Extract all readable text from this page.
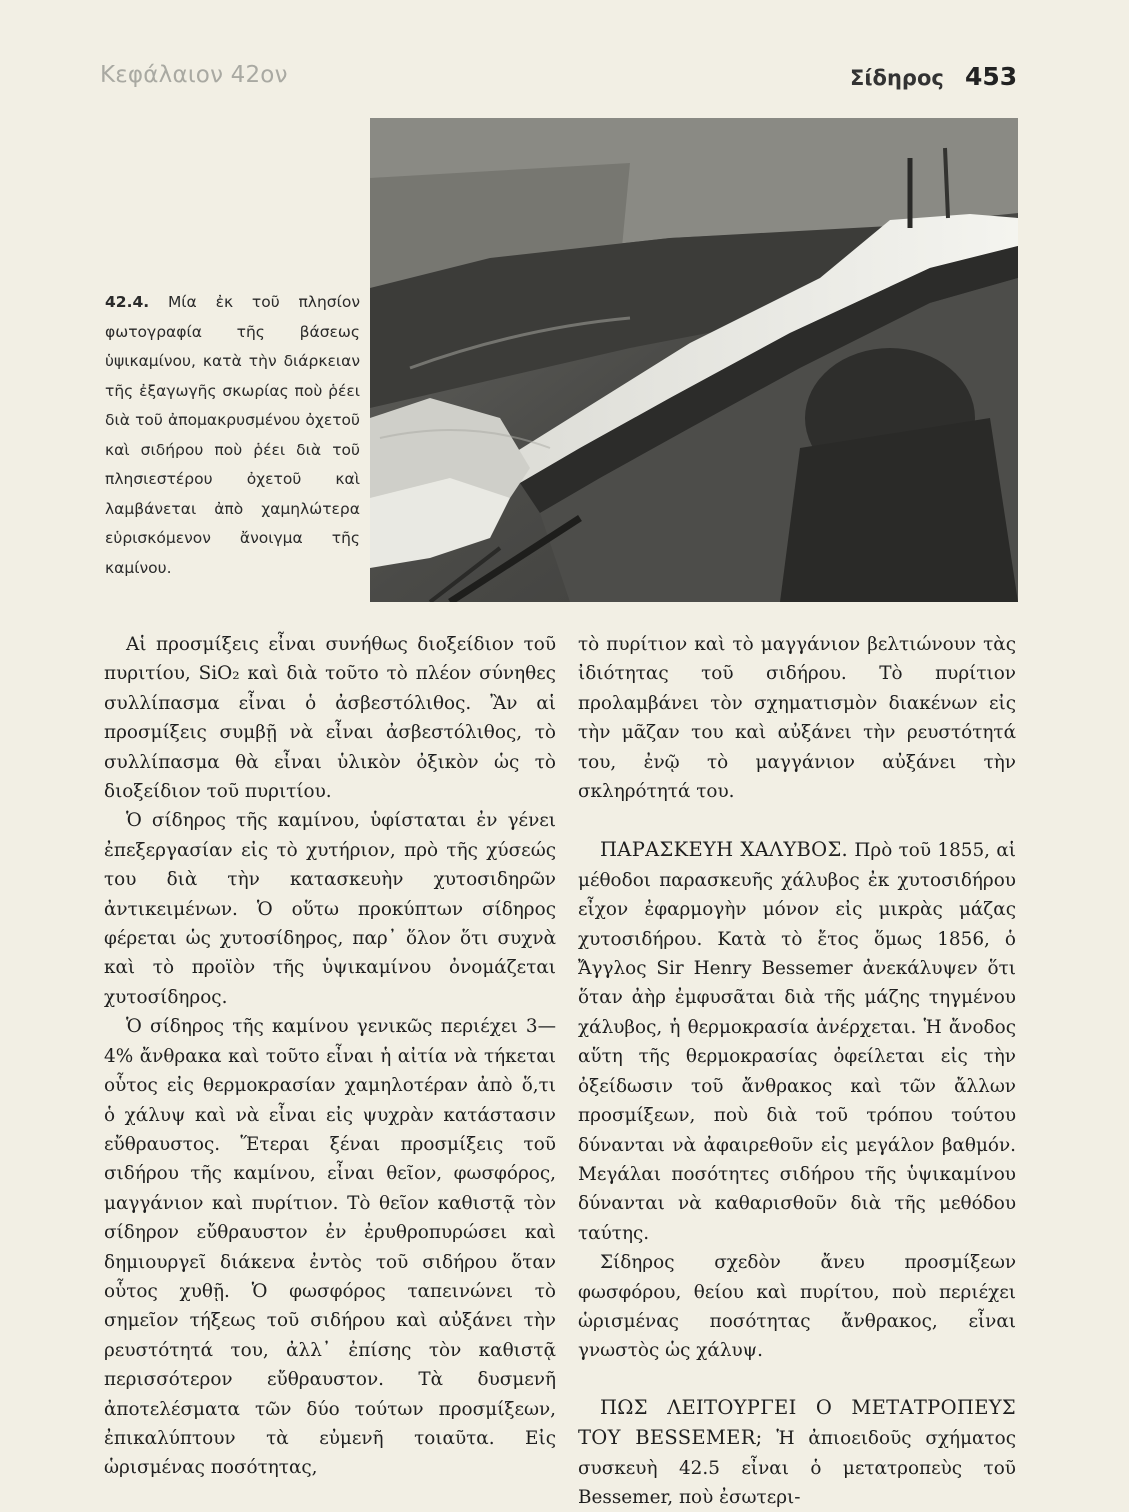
Κεφάλαιον 42ον	Σίδηρος 453

42.4. Μία ἐκ τοῦ πλησίον φωτογραφία τῆς βάσεως ὑψικαμίνου, κατὰ τὴν διάρκειαν τῆς ἐξαγωγῆς σκωρίας ποὺ ῥέει διὰ τοῦ ἀπομακρυσμένου ὀχετοῦ καὶ σιδήρου ποὺ ῥέει διὰ τοῦ πλησιεστέρου ὀχετοῦ καὶ λαμβάνεται ἀπὸ χαμηλώτερα εὑρισκόμενον ἄνοιγμα τῆς καμίνου.

Αἱ προσμίξεις εἶναι συνήθως διοξείδιον τοῦ πυριτίου, SiO₂ καὶ διὰ τοῦτο τὸ πλέον σύνηθες συλλίπασμα εἶναι ὁ ἀσβεστόλιθος. Ἂν αἱ προσμίξεις συμβῇ νὰ εἶναι ἀσβεστόλιθος, τὸ συλλίπασμα θὰ εἶναι ὑλικὸν ὀξικὸν ὡς τὸ διοξείδιον τοῦ πυριτίου.

Ὁ σίδηρος τῆς καμίνου, ὑφίσταται ἐν γένει ἐπεξεργασίαν εἰς τὸ χυτήριον, πρὸ τῆς χύσεώς του διὰ τὴν κατασκευὴν χυτοσιδηρῶν ἀντικειμένων. Ὁ οὕτω προκύπτων σίδηρος φέρεται ὡς χυτοσίδηρος, παρ᾽ ὅλον ὅτι συχνὰ καὶ τὸ προϊὸν τῆς ὑψικαμίνου ὀνομάζεται χυτοσίδηρος.

Ὁ σίδηρος τῆς καμίνου γενικῶς περιέχει 3—4% ἄνθρακα καὶ τοῦτο εἶναι ἡ αἰτία νὰ τήκεται οὗτος εἰς θερμοκρασίαν χαμηλοτέραν ἀπὸ ὅ,τι ὁ χάλυψ καὶ νὰ εἶναι εἰς ψυχρὰν κατάστασιν εὔθραυστος. Ἕτεραι ξέναι προσμίξεις τοῦ σιδήρου τῆς καμίνου, εἶναι θεῖον, φωσφόρος, μαγγάνιον καὶ πυρίτιον. Τὸ θεῖον καθιστᾷ τὸν σίδηρον εὔθραυστον ἐν ἐρυθροπυρώσει καὶ δημιουργεῖ διάκενα ἐντὸς τοῦ σιδήρου ὅταν οὗτος χυθῇ. Ὁ φωσφόρος ταπεινώνει τὸ σημεῖον τήξεως τοῦ σιδήρου καὶ αὐξάνει τὴν ρευστότητά του, ἀλλ᾽ ἐπίσης τὸν καθιστᾷ περισσότερον εὔθραυστον. Τὰ δυσμενῆ ἀποτελέσματα τῶν δύο τούτων προσμίξεων, ἐπικαλύπτουν τὰ εὐμενῆ τοιαῦτα. Εἰς ὡρισμένας ποσότητας,

τὸ πυρίτιον καὶ τὸ μαγγάνιον βελτιώνουν τὰς ἰδιότητας τοῦ σιδήρου. Τὸ πυρίτιον προλαμβάνει τὸν σχηματισμὸν διακένων εἰς τὴν μᾶζαν του καὶ αὐξάνει τὴν ρευστότητά του, ἐνῷ τὸ μαγγάνιον αὐξάνει τὴν σκληρότητά του.

ΠΑΡΑΣΚΕΥΗ ΧΑΛΥΒΟΣ. Πρὸ τοῦ 1855, αἱ μέθοδοι παρασκευῆς χάλυβος ἐκ χυτοσιδήρου εἶχον ἐφαρμογὴν μόνον εἰς μικρὰς μάζας χυτοσιδήρου. Κατὰ τὸ ἔτος ὅμως 1856, ὁ Ἄγγλος Sir Henry Bessemer ἀνεκάλυψεν ὅτι ὅταν ἀὴρ ἐμφυσᾶται διὰ τῆς μάζης τηγμένου χάλυβος, ἡ θερμοκρασία ἀνέρχεται. Ἡ ἄνοδος αὕτη τῆς θερμοκρασίας ὀφείλεται εἰς τὴν ὀξείδωσιν τοῦ ἄνθρακος καὶ τῶν ἄλλων προσμίξεων, ποὺ διὰ τοῦ τρόπου τούτου δύνανται νὰ ἀφαιρεθοῦν εἰς μεγάλον βαθμόν. Μεγάλαι ποσότητες σιδήρου τῆς ὑψικαμίνου δύνανται νὰ καθαρισθοῦν διὰ τῆς μεθόδου ταύτης.

Σίδηρος σχεδὸν ἄνευ προσμίξεων φωσφόρου, θείου καὶ πυρίτου, ποὺ περιέχει ὡρισμένας ποσότητας ἄνθρακος, εἶναι γνωστὸς ὡς χάλυψ.

ΠΩΣ ΛΕΙΤΟΥΡΓΕΙ Ο ΜΕΤΑΤΡΟΠΕΥΣ ΤΟΥ BESSEMER; Ἡ ἀπιοειδοῦς σχήματος συσκευὴ 42.5 εἶναι ὁ μετατροπεὺς τοῦ Bessemer, ποὺ ἐσωτερι-
